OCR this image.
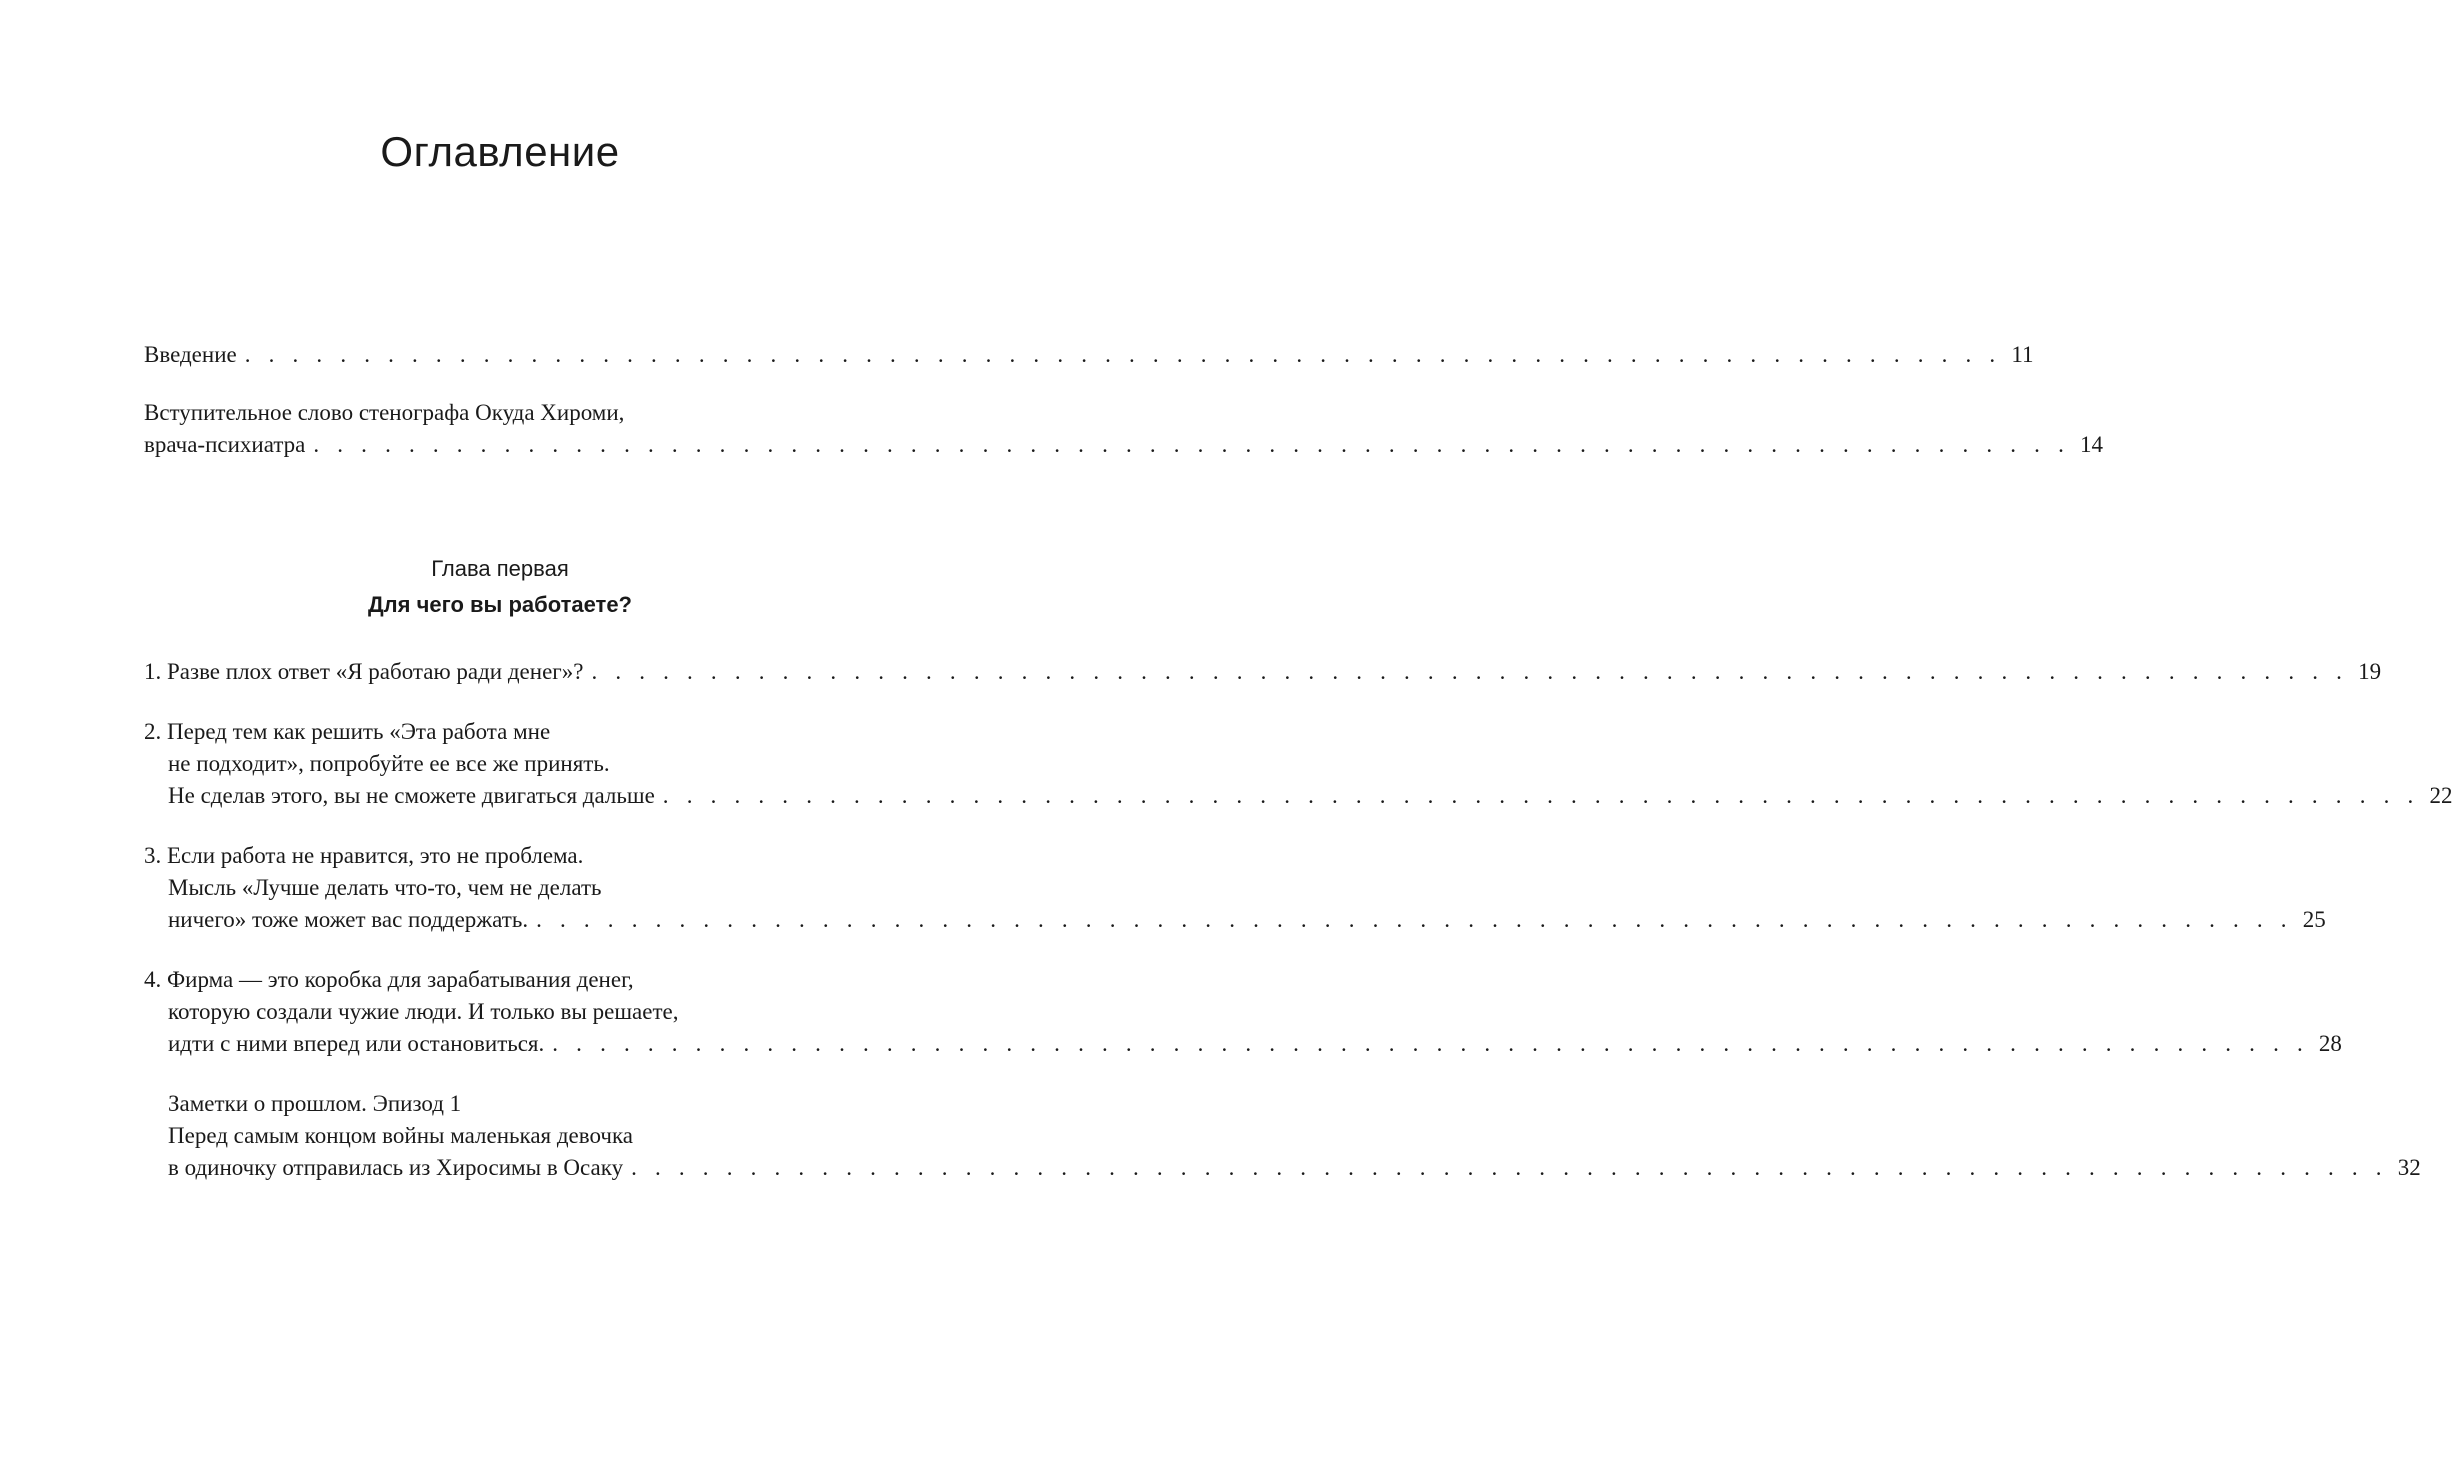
Оглавление
Введение . . . . . . . . . . . . . . . . . . . . . . . . . . . . . . . . . . . . . . . . . . . . . . . . . . . . . . . . . . . . . . . . . . . . . . . . . . 11
Вступительное слово стенографа Окуда Хироми,
врача-психиатра . . . . . . . . . . . . . . . . . . . . . . . . . . . . . . . . . . . . . . . . . . . . . . . . . . . . . . . . . . . . . . . . . . . . . . . . . . 14
Глава первая
Для чего вы работаете?
1. Разве плох ответ «Я работаю ради денег»? . . . . . . . . . . . . . . . . . . . . . . . . . . . . . . . . . . . . . . . . . . . . . . . . . . . . . . . . . . . . . . . . . . . . . . . . . . 19
2. Перед тем как решить «Эта работа мне
не подходит», попробуйте ее все же принять.
Не сделав этого, вы не сможете двигаться дальше . . . . . . . . . . . . . . . . . . . . . . . . . . . . . . . . . . . . . . . . . . . . . . . . . . . . . . . . . . . . . . . . . . . . . . . . . . 22
3. Если работа не нравится, это не проблема.
Мысль «Лучше делать что-то, чем не делать
ничего» тоже может вас поддержать. . . . . . . . . . . . . . . . . . . . . . . . . . . . . . . . . . . . . . . . . . . . . . . . . . . . . . . . . . . . . . . . . . . . . . . . . . . 25
4. Фирма — это коробка для зарабатывания денег,
которую создали чужие люди. И только вы решаете,
идти с ними вперед или остановиться. . . . . . . . . . . . . . . . . . . . . . . . . . . . . . . . . . . . . . . . . . . . . . . . . . . . . . . . . . . . . . . . . . . . . . . . . . . 28
Заметки о прошлом. Эпизод 1
Перед самым концом войны маленькая девочка
в одиночку отправилась из Хиросимы в Осаку . . . . . . . . . . . . . . . . . . . . . . . . . . . . . . . . . . . . . . . . . . . . . . . . . . . . . . . . . . . . . . . . . . . . . . . . . . 32
